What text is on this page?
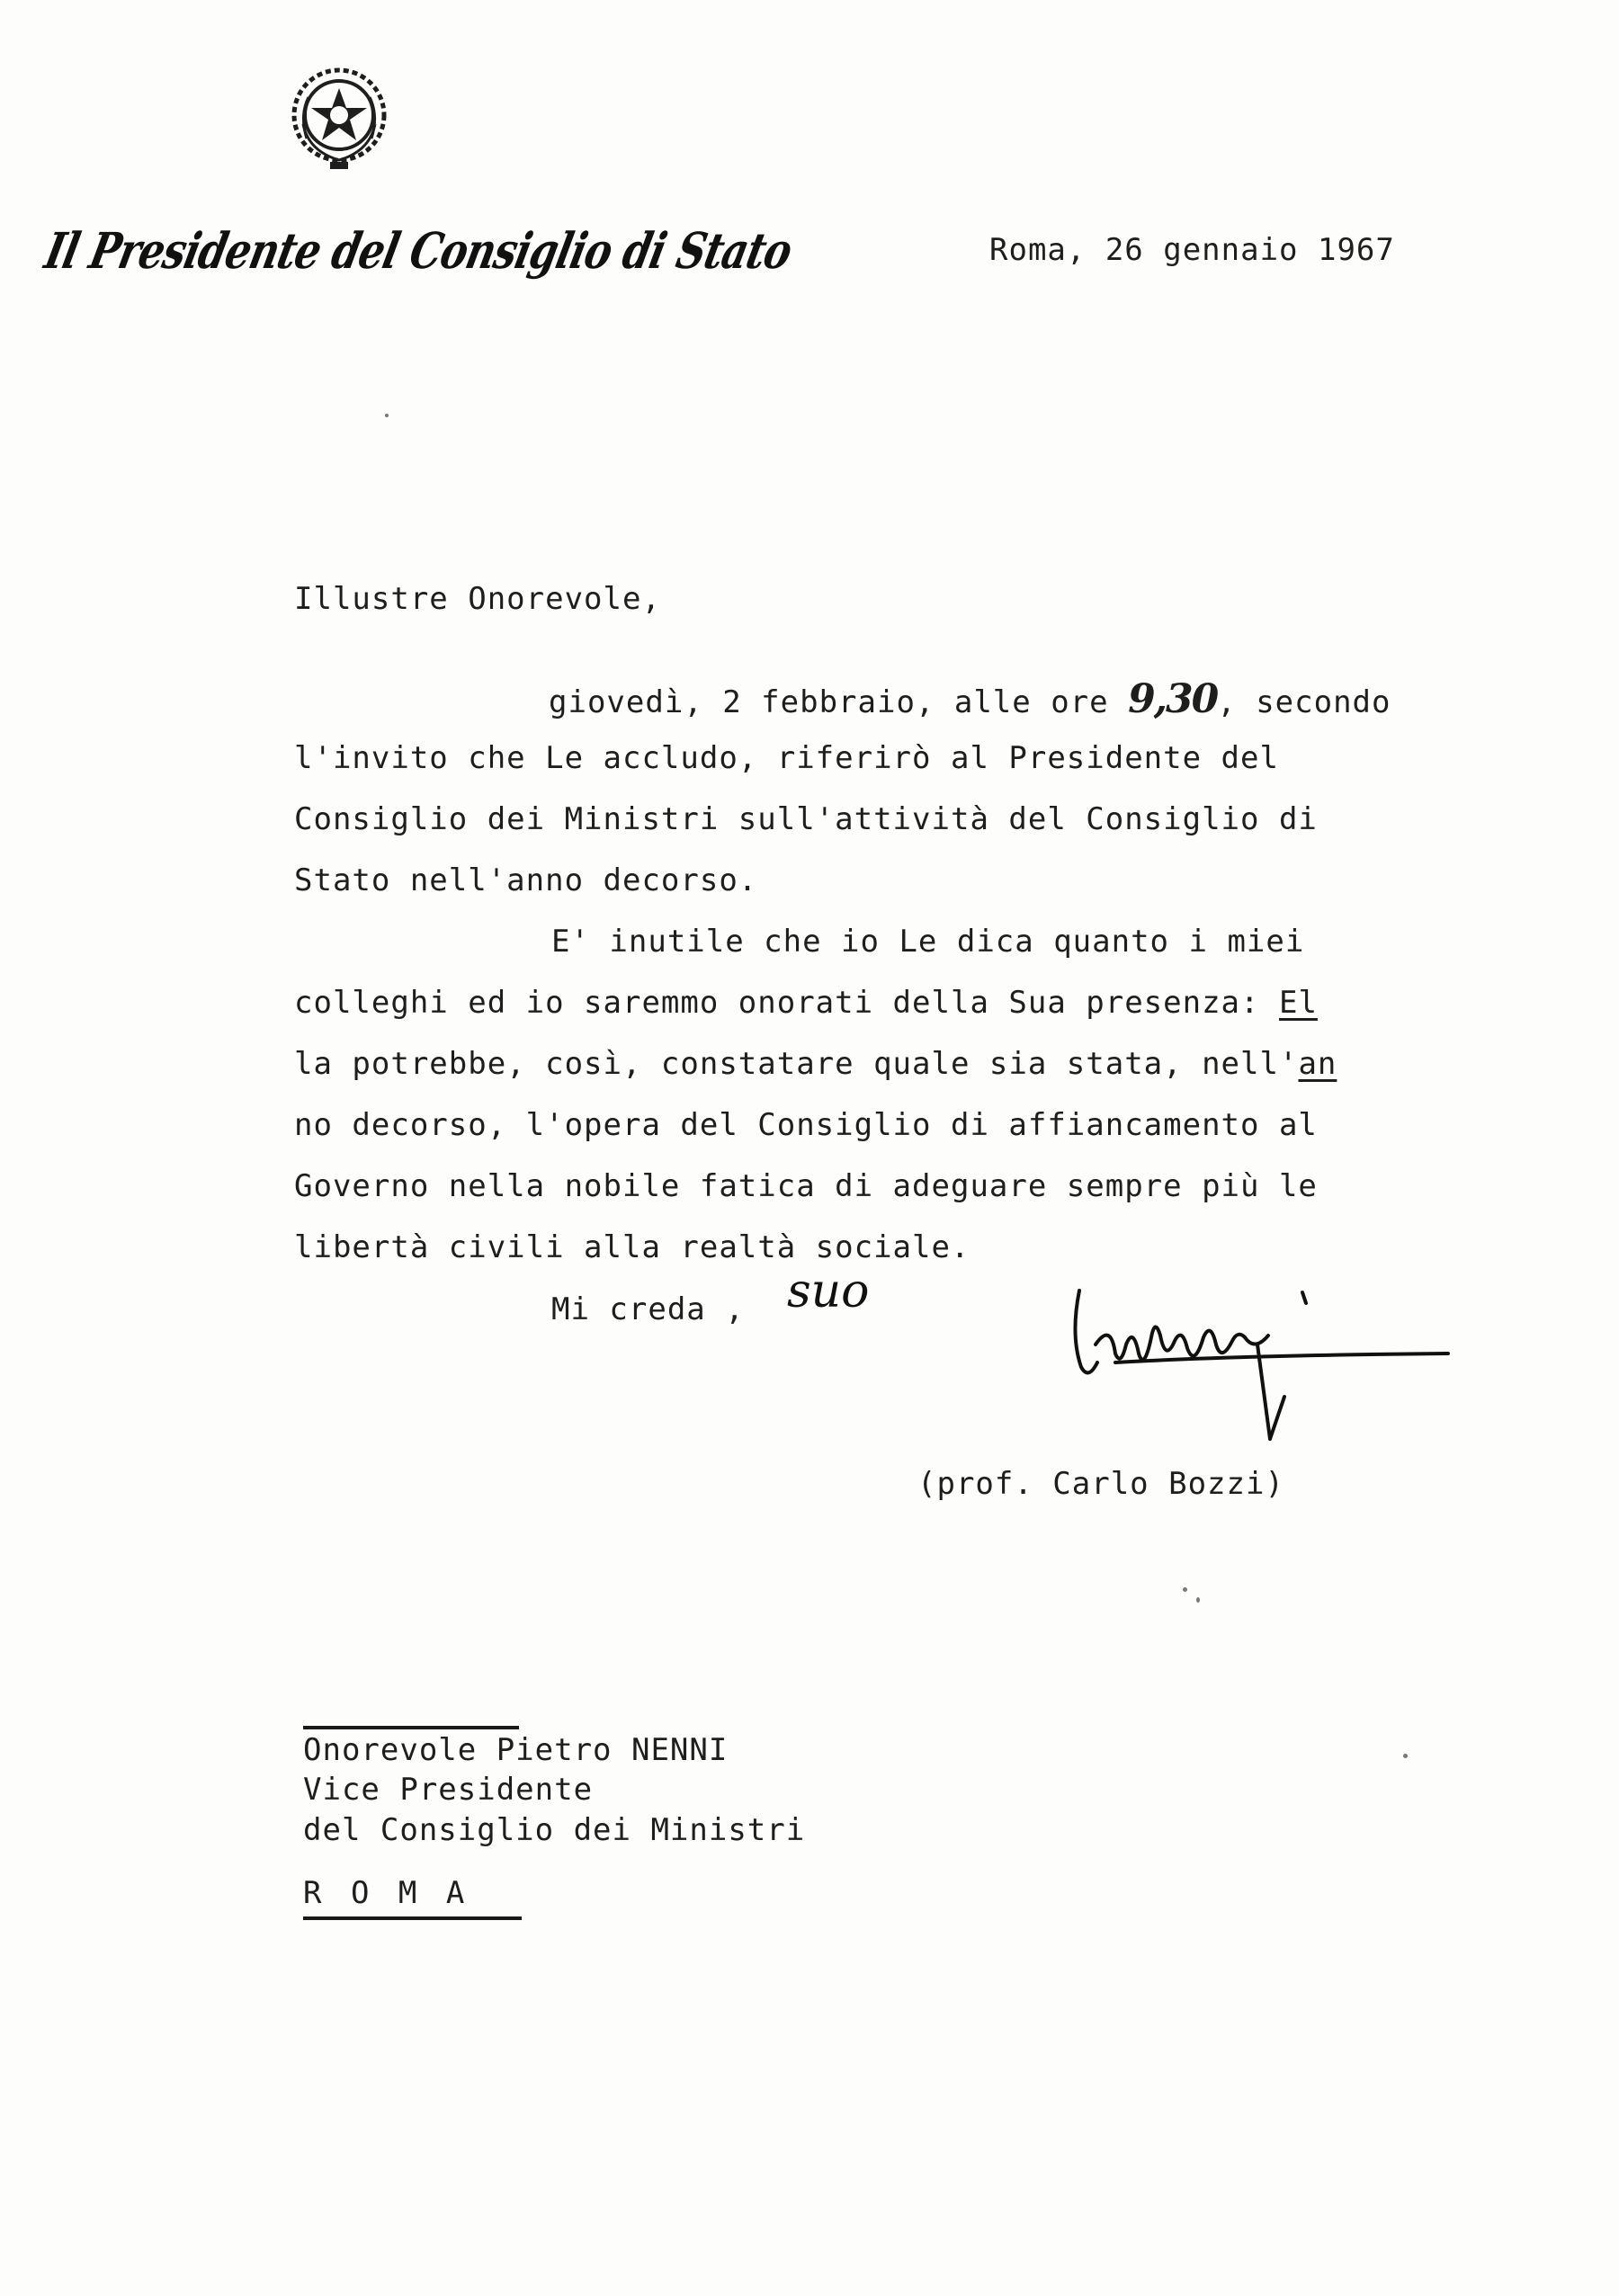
Il Presidente del Consiglio di Stato	Roma, 26 gennaio 1967
Illustre Onorevole,
giovedì, 2 febbraio, alle ore 9,30, secondo
l'invito che Le accludo, riferirò al Presidente del
Consiglio dei Ministri sull'attività del Consiglio di
Stato nell'anno decorso.
E' inutile che io Le dica quanto i miei
colleghi ed io saremmo onorati della Sua presenza: El
la potrebbe, così, constatare quale sia stata, nell'an
no decorso, l'opera del Consiglio di affiancamento al
Governo nella nobile fatica di adeguare sempre più le
libertà civili alla realtà sociale.
Mi creda , suo
(prof. Carlo Bozzi)
Onorevole Pietro NENNI
Vice Presidente
del Consiglio dei Ministri
R O M A
